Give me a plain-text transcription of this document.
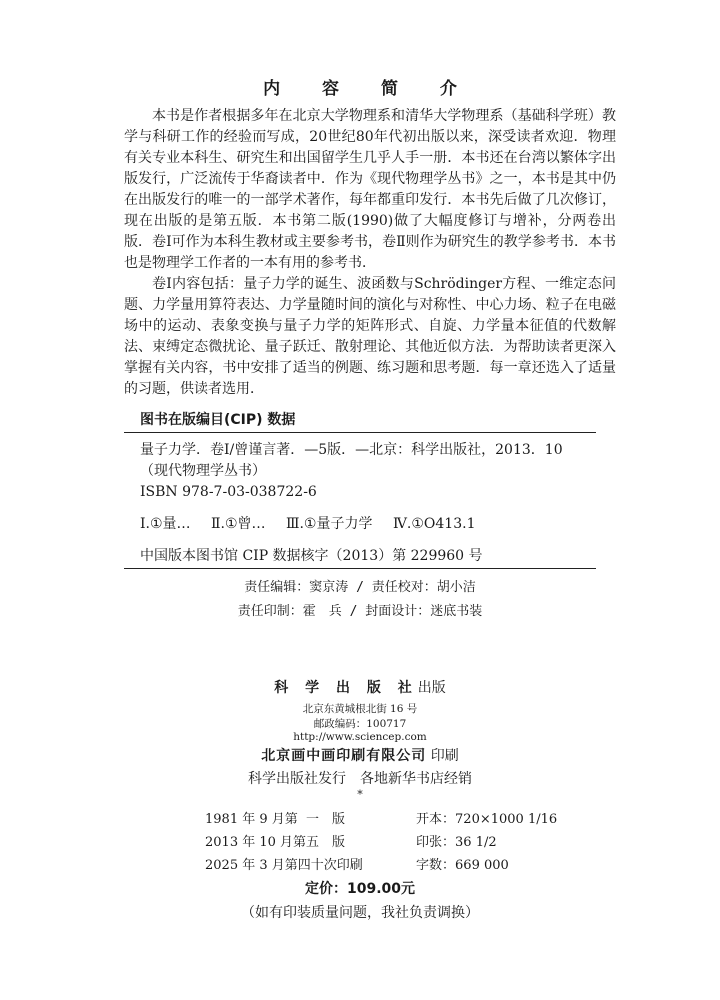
内 容 简 介

本书是作者根据多年在北京大学物理系和清华大学物理系（基础科学班）教学与科研工作的经验而写成，20世纪80年代初出版以来，深受读者欢迎．物理有关专业本科生、研究生和出国留学生几乎人手一册．本书还在台湾以繁体字出版发行，广泛流传于华裔读者中．作为《现代物理学丛书》之一，本书是其中仍在出版发行的唯一的一部学术著作，每年都重印发行．本书先后做了几次修订，现在出版的是第五版．本书第二版(1990)做了大幅度修订与增补，分两卷出版．卷Ⅰ可作为本科生教材或主要参考书，卷Ⅱ则作为研究生的教学参考书．本书也是物理学工作者的一本有用的参考书．

卷Ⅰ内容包括：量子力学的诞生、波函数与Schrödinger方程、一维定态问题、力学量用算符表达、力学量随时间的演化与对称性、中心力场、粒子在电磁场中的运动、表象变换与量子力学的矩阵形式、自旋、力学量本征值的代数解法、束缚定态微扰论、量子跃迁、散射理论、其他近似方法．为帮助读者更深入掌握有关内容，书中安排了适当的例题、练习题和思考题．每一章还选入了适量的习题，供读者选用．

图书在版编目(CIP) 数据
量子力学．卷Ⅰ/曾谨言著．—5版．—北京：科学出版社，2013．10
（现代物理学丛书）
ISBN 978-7-03-038722-6
Ⅰ.①量… Ⅱ.①曾… Ⅲ.①量子力学 Ⅳ.①O413.1
中国版本图书馆 CIP 数据核字（2013）第 229960 号
责任编辑：窦京涛 / 责任校对：胡小洁
责任印制：霍　兵 / 封面设计：迷底书装
科 学 出 版 社出版
北京东黄城根北街 16 号
邮政编码：100717
http://www.sciencep.com
北京画中画印刷有限公司 印刷
科学出版社发行　各地新华书店经销
*
1981 年 9 月第	一　版	开本：720×1000 1/16
2013 年 10 月第	五　版	印张：36 1/2
2025 年 3 月第四十次印刷		字数：669 000
定价：109.00元
（如有印装质量问题，我社负责调换）
